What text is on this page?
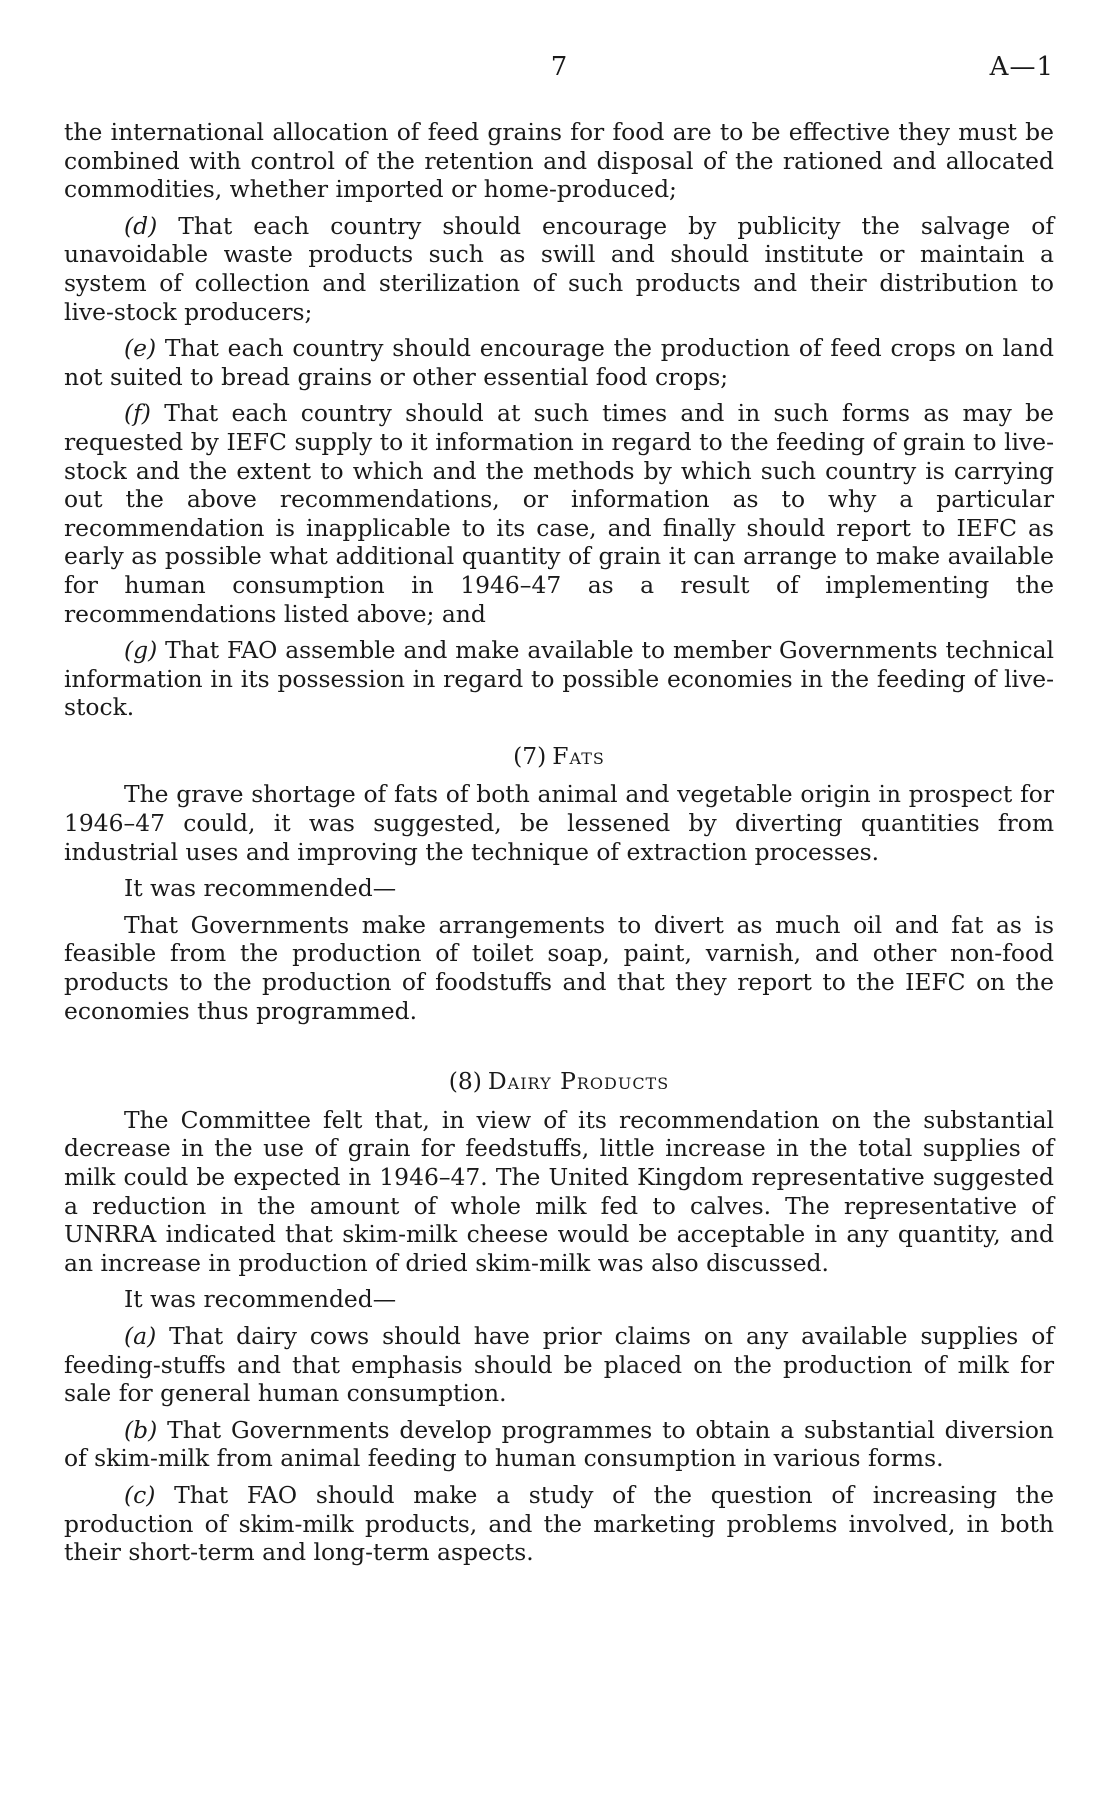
7	A—1

the international allocation of feed grains for food are to be effective they must be combined with control of the retention and disposal of the rationed and allocated commodities, whether imported or home-produced;

(d) That each country should encourage by publicity the salvage of unavoidable waste products such as swill and should institute or maintain a system of collection and sterilization of such products and their distribution to live-stock producers;

(e) That each country should encourage the production of feed crops on land not suited to bread grains or other essential food crops;

(f) That each country should at such times and in such forms as may be requested by IEFC supply to it information in regard to the feeding of grain to live-stock and the extent to which and the methods by which such country is carrying out the above recommendations, or information as to why a particular recommendation is inapplicable to its case, and finally should report to IEFC as early as possible what additional quantity of grain it can arrange to make available for human consumption in 1946–47 as a result of implementing the recommendations listed above; and

(g) That FAO assemble and make available to member Governments technical information in its possession in regard to possible economies in the feeding of live-stock.

(7) Fats

The grave shortage of fats of both animal and vegetable origin in prospect for 1946–47 could, it was suggested, be lessened by diverting quantities from industrial uses and improving the technique of extraction processes.

It was recommended—

That Governments make arrangements to divert as much oil and fat as is feasible from the production of toilet soap, paint, varnish, and other non-food products to the production of foodstuffs and that they report to the IEFC on the economies thus programmed.

(8) Dairy Products

The Committee felt that, in view of its recommendation on the substantial decrease in the use of grain for feedstuffs, little increase in the total supplies of milk could be expected in 1946–47. The United Kingdom representative suggested a reduction in the amount of whole milk fed to calves. The representative of UNRRA indicated that skim-milk cheese would be acceptable in any quantity, and an increase in production of dried skim-milk was also discussed.

It was recommended—

(a) That dairy cows should have prior claims on any available supplies of feeding-stuffs and that emphasis should be placed on the production of milk for sale for general human consumption.

(b) That Governments develop programmes to obtain a substantial diversion of skim-milk from animal feeding to human consumption in various forms.

(c) That FAO should make a study of the question of increasing the production of skim-milk products, and the marketing problems involved, in both their short-term and long-term aspects.
